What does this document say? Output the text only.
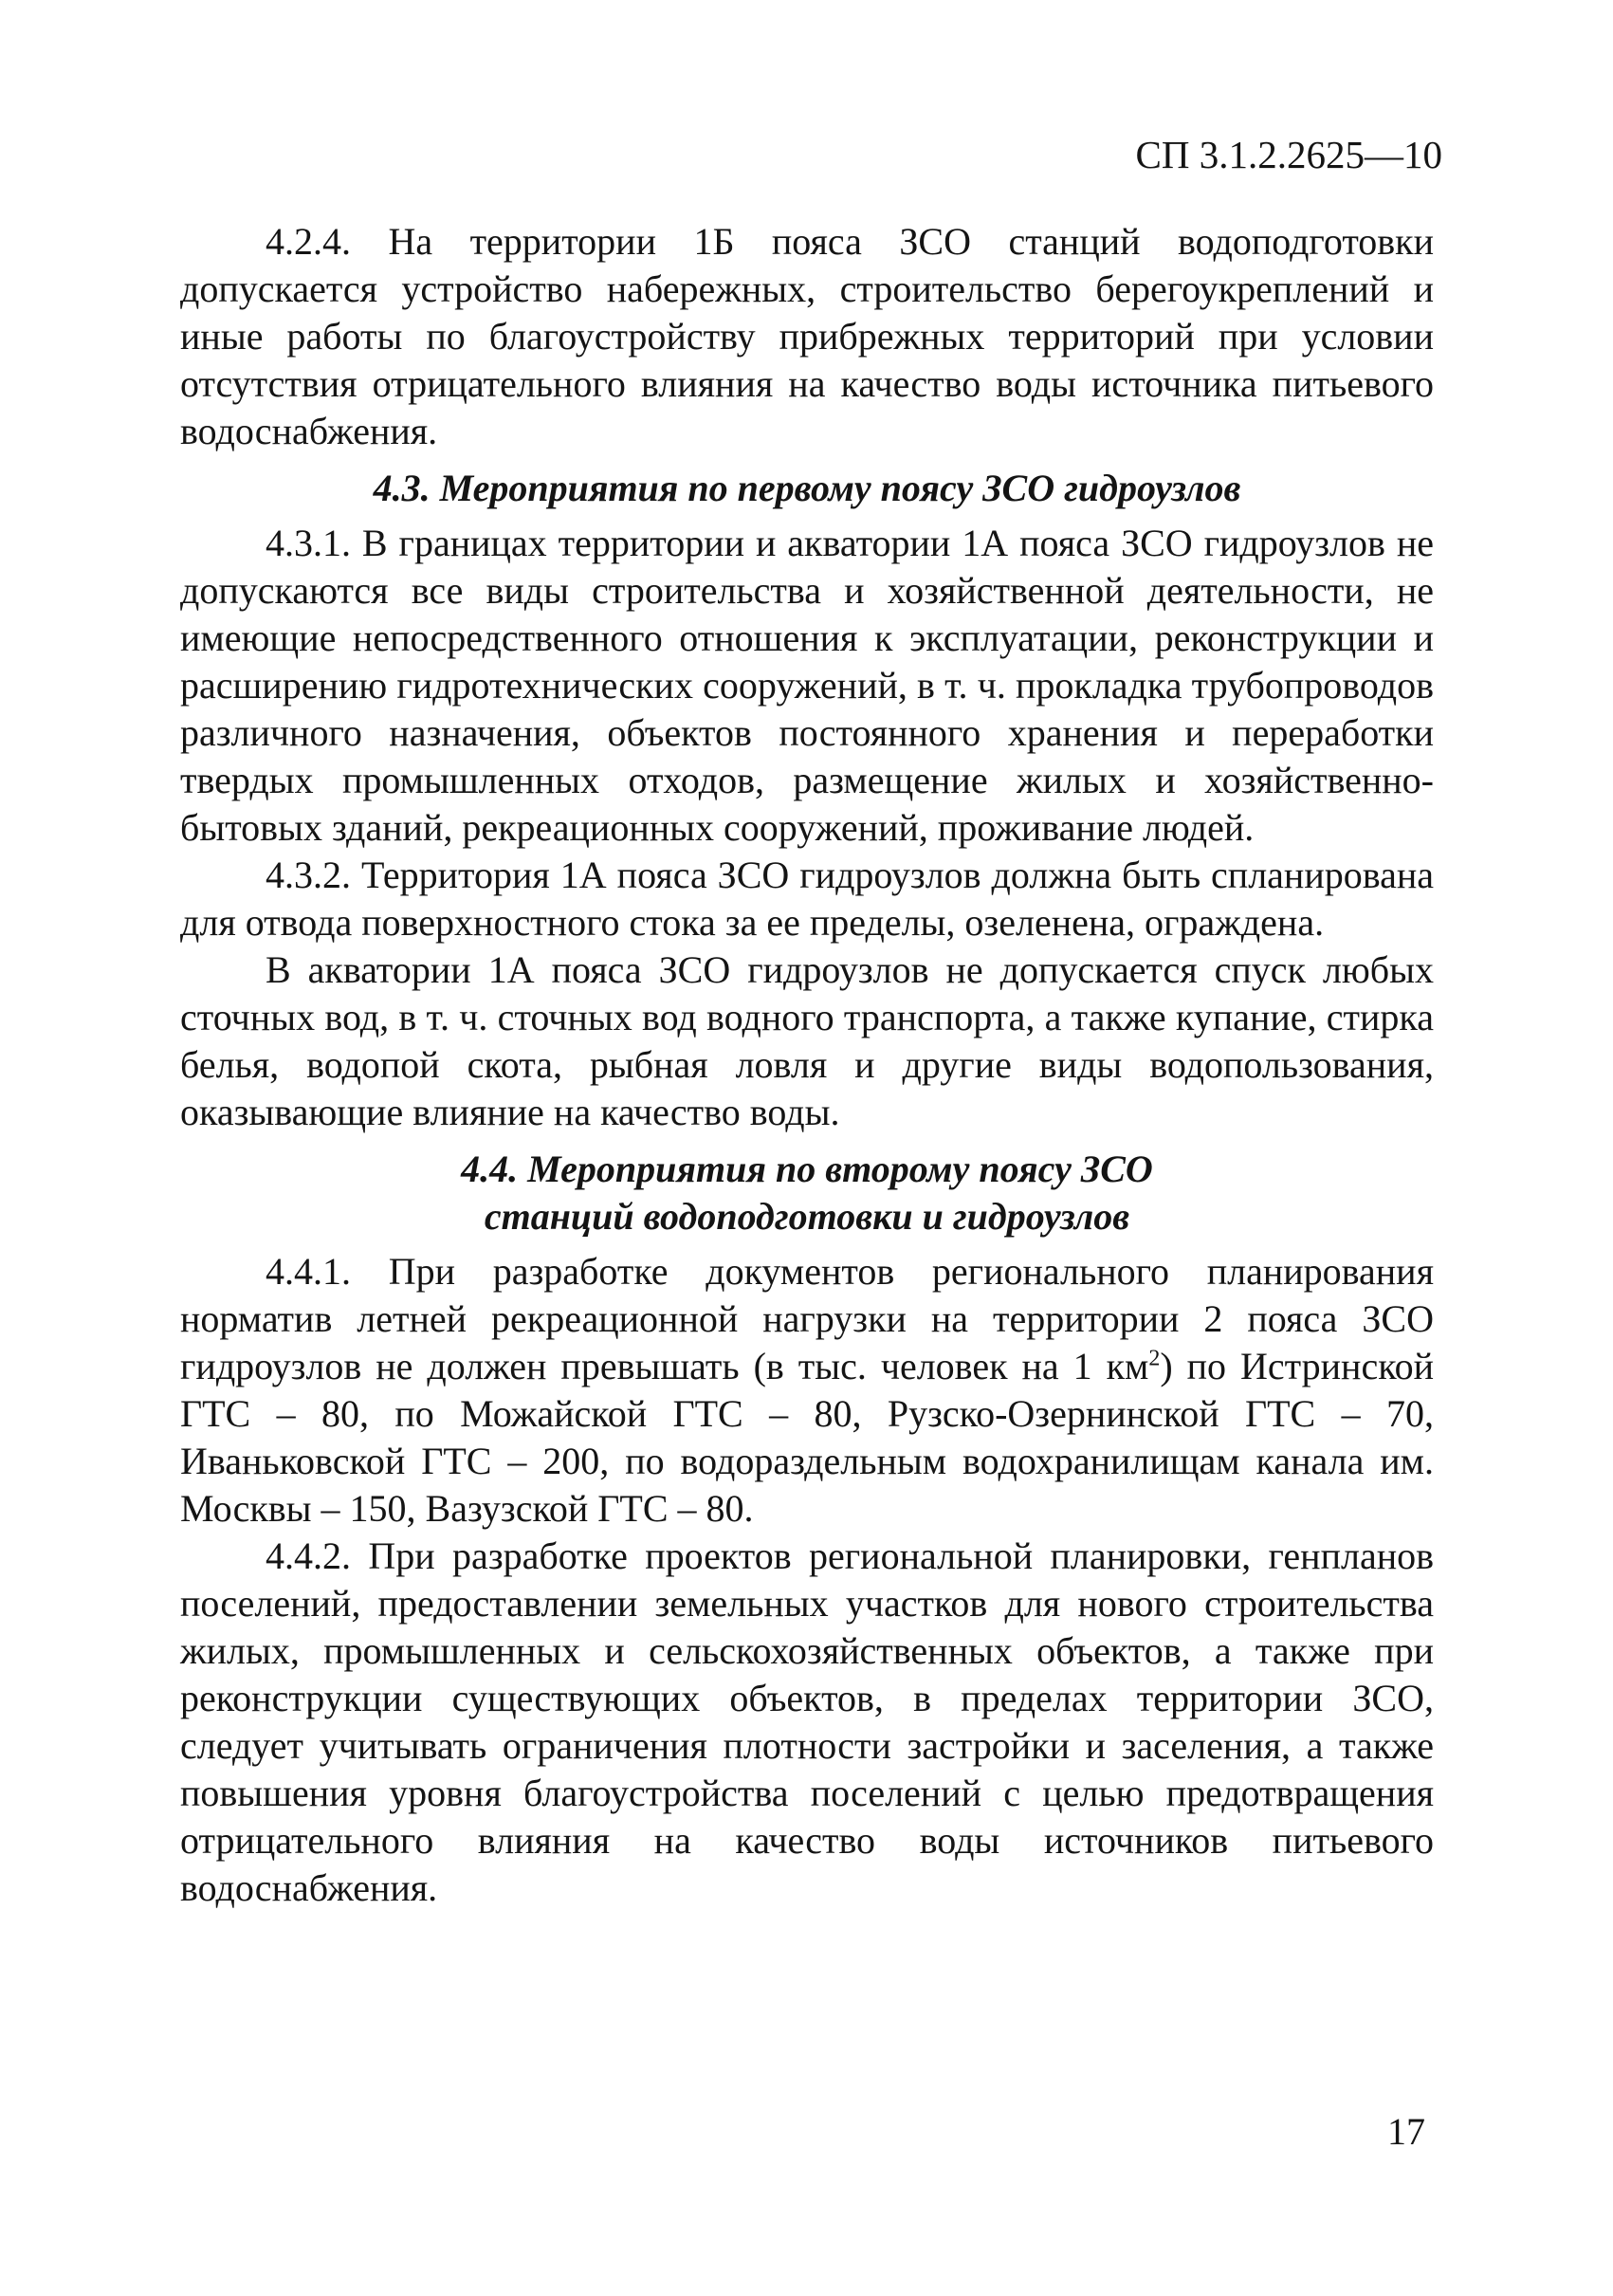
СП 3.1.2.2625—10

4.2.4. На территории 1Б пояса ЗСО станций водоподготовки допускается устройство набережных, строительство берегоукреплений и иные работы по благоустройству прибрежных территорий при условии отсутствия отрицательного влияния на качество воды источника питьевого водоснабжения.

4.3. Мероприятия по первому поясу ЗСО гидроузлов

4.3.1. В границах территории и акватории 1А пояса ЗСО гидроузлов не допускаются все виды строительства и хозяйственной деятельности, не имеющие непосредственного отношения к эксплуатации, реконструкции и расширению гидротехнических сооружений, в т. ч. прокладка трубопроводов различного назначения, объектов постоянного хранения и переработки твердых промышленных отходов, размещение жилых и хозяйственно-бытовых зданий, рекреационных сооружений, проживание людей.

4.3.2. Территория 1А пояса ЗСО гидроузлов должна быть спланирована для отвода поверхностного стока за ее пределы, озеленена, ограждена.

В акватории 1А пояса ЗСО гидроузлов не допускается спуск любых сточных вод, в т. ч. сточных вод водного транспорта, а также купание, стирка белья, водопой скота, рыбная ловля и другие виды водопользования, оказывающие влияние на качество воды.

4.4. Мероприятия по второму поясу ЗСО
станций водоподготовки и гидроузлов

4.4.1. При разработке документов регионального планирования норматив летней рекреационной нагрузки на территории 2 пояса ЗСО гидроузлов не должен превышать (в тыс. человек на 1 $км^2$) по Истринской ГТС – 80, по Можайской ГТС – 80, Рузско-Озернинской ГТС – 70, Иваньковской ГТС – 200, по водораздельным водохранилищам канала им. Москвы – 150, Вазузской ГТС – 80.

4.4.2. При разработке проектов региональной планировки, генпланов поселений, предоставлении земельных участков для нового строительства жилых, промышленных и сельскохозяйственных объектов, а также при реконструкции существующих объектов, в пределах территории ЗСО, следует учитывать ограничения плотности застройки и заселения, а также повышения уровня благоустройства поселений с целью предотвращения отрицательного влияния на качество воды источников питьевого водоснабжения.

17
